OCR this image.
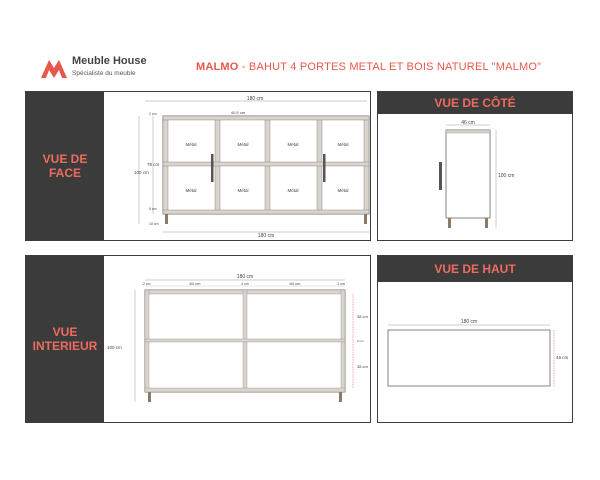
Meuble House
Spécialiste du meuble
MALMO - BAHUT 4 PORTES METAL ET BOIS NATUREL "MALMO"
VUE DE
FACE
180 cm
40,5 cm
Métal	Métal	Métal	Métal
Métal	Métal	Métal	Métal
78 cm
100 cm
2 cm
5 cm
10 cm
180 cm
VUE DE CÔTÉ
46 cm
100 cm
VUE
INTERIEUR
180 cm
2 cm	84 cm	4 cm	84 cm	2 cm
100 cm
38 cm
2 cm
38 cm
VUE DE HAUT
180 cm
46 cm
